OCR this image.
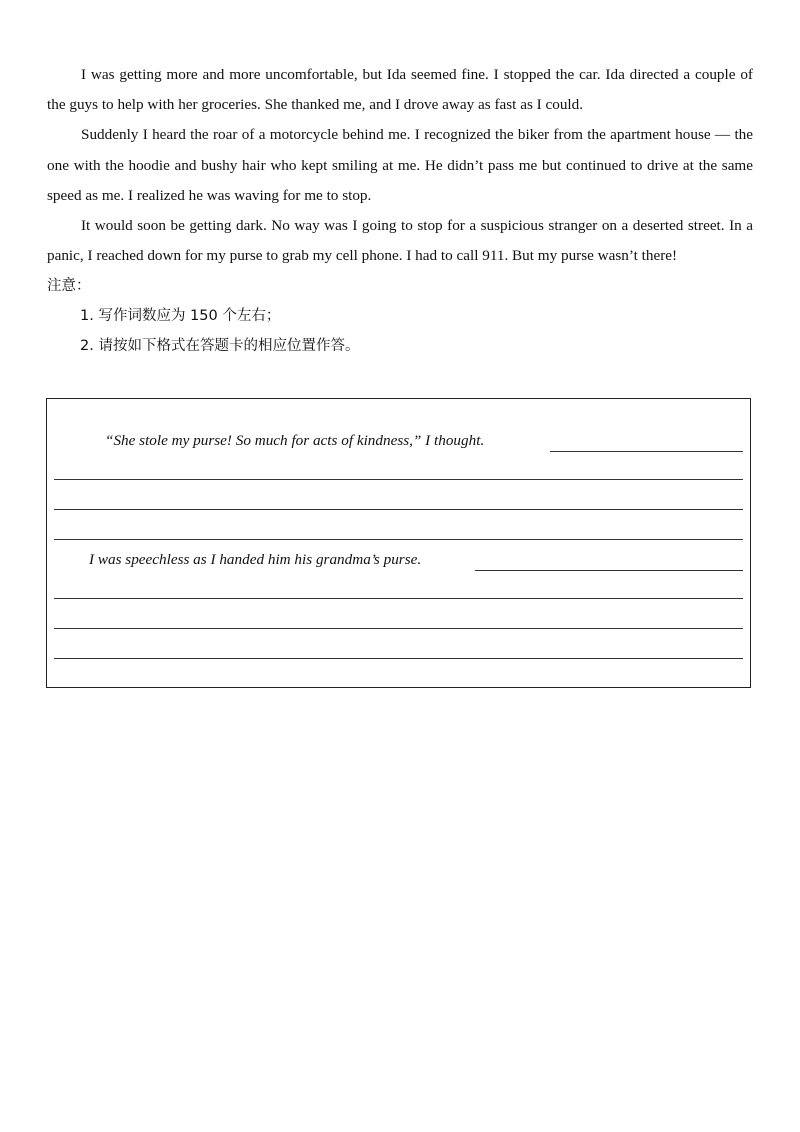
I was getting more and more uncomfortable, but Ida seemed fine. I stopped the car. Ida directed a couple of the guys to help with her groceries. She thanked me, and I drove away as fast as I could.

Suddenly I heard the roar of a motorcycle behind me. I recognized the biker from the apartment house — the one with the hoodie and bushy hair who kept smiling at me. He didn’t pass me but continued to drive at the same speed as me. I realized he was waving for me to stop.

It would soon be getting dark. No way was I going to stop for a suspicious stranger on a deserted street. In a panic, I reached down for my purse to grab my cell phone. I had to call 911. But my purse wasn’t there!

注意：

1. 写作词数应为 150 个左右；

2. 请按如下格式在答题卡的相应位置作答。

“She stole my purse! So much for acts of kindness,” I thought.
I was speechless as I handed him his grandma’s purse.
